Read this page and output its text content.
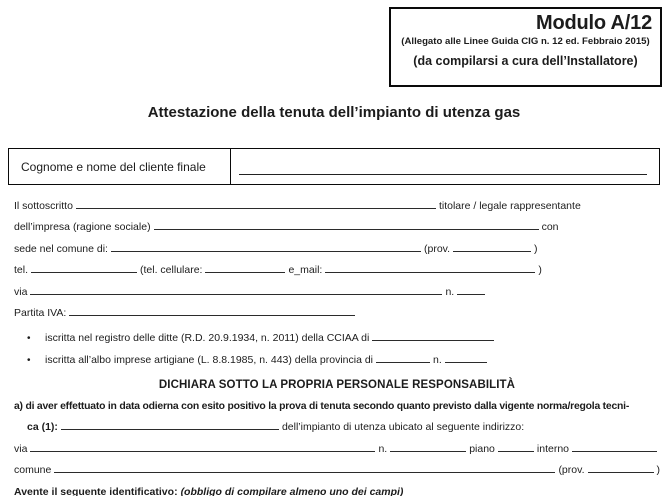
Modulo A/12
(Allegato alle Linee Guida CIG n. 12 ed. Febbraio 2015)
(da compilarsi a cura dell’Installatore)
Attestazione della tenuta dell’impianto di utenza gas
Cognome e nome del cliente finale
Il sottoscritto	titolare / legale rappresentante
dell’impresa (ragione sociale)	con
sede nel comune di:	(prov.	)
tel.	(tel. cellulare:	e_mail:	)
via	n.
Partita IVA:
• iscritta nel registro delle ditte (R.D. 20.9.1934, n. 2011) della CCIAA di
• iscritta all’albo imprese artigiane (L. 8.8.1985, n. 443) della provincia di	n.
DICHIARA SOTTO LA PROPRIA PERSONALE RESPONSABILITÀ
a) di aver effettuato in data odierna con esito positivo la prova di tenuta secondo quanto previsto dalla vigente norma/regola tecni-
ca (1):	dell’impianto di utenza ubicato al seguente indirizzo:
via	n.	piano	interno
comune	(prov.	)
Avente il seguente identificativo: (obbligo di compilare almeno uno dei campi)
